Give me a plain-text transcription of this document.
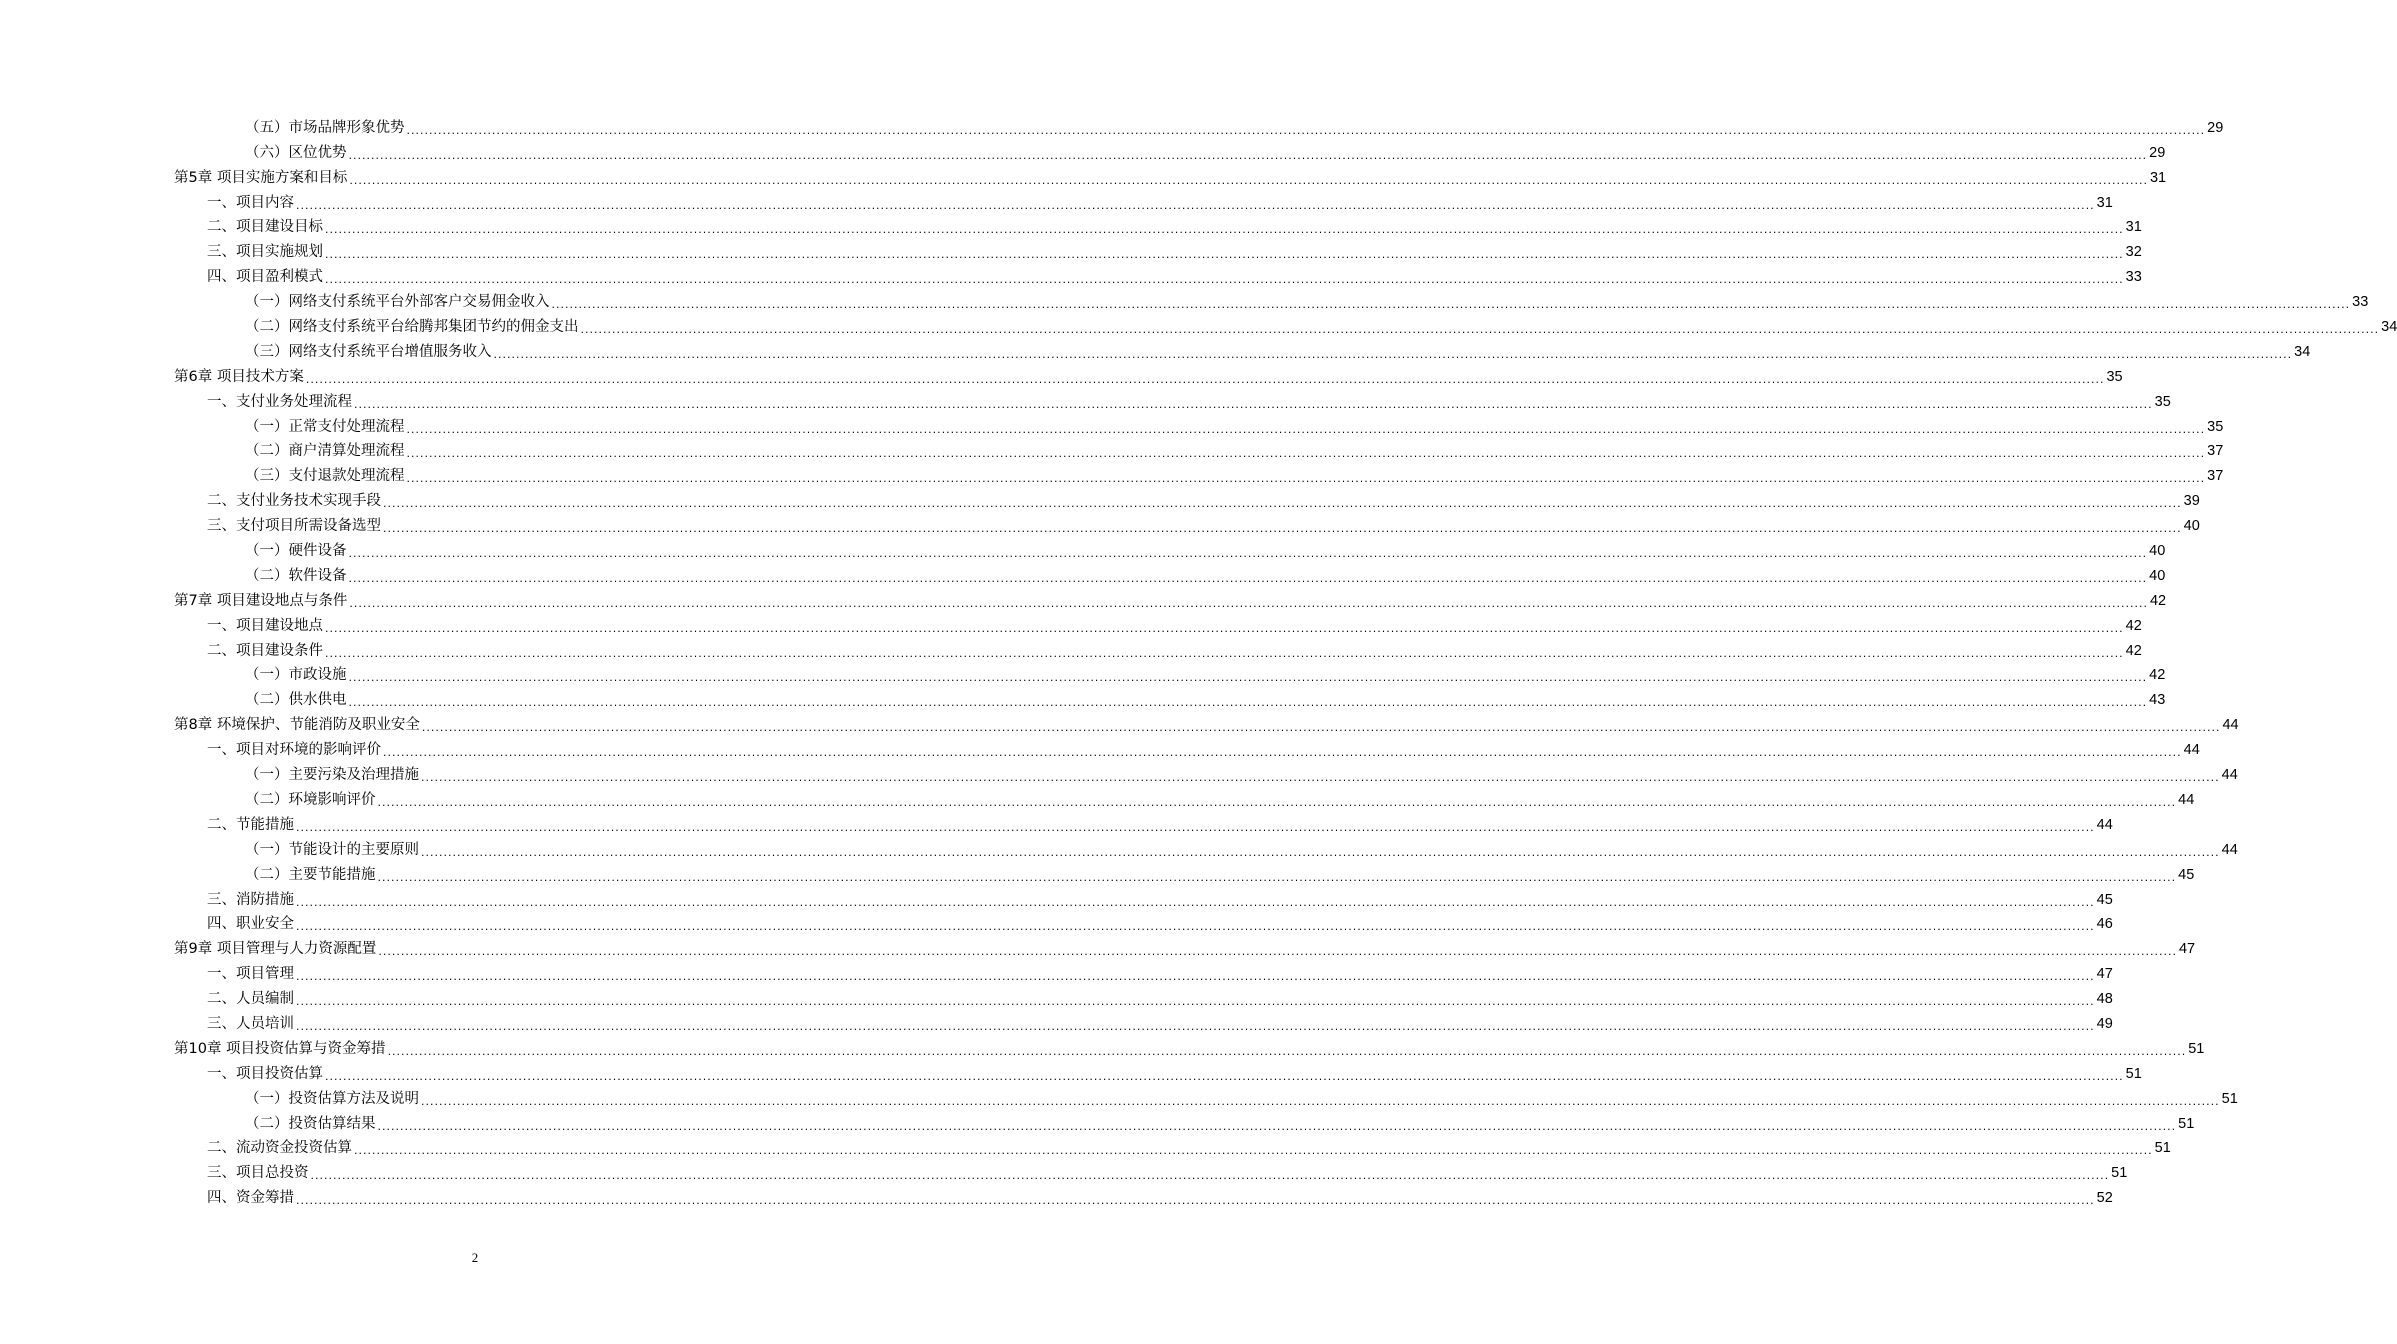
（五）市场品牌形象优势 ................................................................................................................................................................................................................................................................................................................................................................................................................ 29
（六）区位优势 ................................................................................................................................................................................................................................................................................................................................................................................................................ 29
第5章 项目实施方案和目标 ................................................................................................................................................................................................................................................................................................................................................................................................................ 31
一、项目内容 ................................................................................................................................................................................................................................................................................................................................................................................................................ 31
二、项目建设目标 ................................................................................................................................................................................................................................................................................................................................................................................................................ 31
三、项目实施规划 ................................................................................................................................................................................................................................................................................................................................................................................................................ 32
四、项目盈利模式 ................................................................................................................................................................................................................................................................................................................................................................................................................ 33
（一）网络支付系统平台外部客户交易佣金收入 ................................................................................................................................................................................................................................................................................................................................................................................................................ 33
（二）网络支付系统平台给腾邦集团节约的佣金支出 ................................................................................................................................................................................................................................................................................................................................................................................................................ 34
（三）网络支付系统平台增值服务收入 ................................................................................................................................................................................................................................................................................................................................................................................................................ 34
第6章 项目技术方案 ................................................................................................................................................................................................................................................................................................................................................................................................................ 35
一、支付业务处理流程 ................................................................................................................................................................................................................................................................................................................................................................................................................ 35
（一）正常支付处理流程 ................................................................................................................................................................................................................................................................................................................................................................................................................ 35
（二）商户清算处理流程 ................................................................................................................................................................................................................................................................................................................................................................................................................ 37
（三）支付退款处理流程 ................................................................................................................................................................................................................................................................................................................................................................................................................ 37
二、支付业务技术实现手段 ................................................................................................................................................................................................................................................................................................................................................................................................................ 39
三、支付项目所需设备选型 ................................................................................................................................................................................................................................................................................................................................................................................................................ 40
（一）硬件设备 ................................................................................................................................................................................................................................................................................................................................................................................................................ 40
（二）软件设备 ................................................................................................................................................................................................................................................................................................................................................................................................................ 40
第7章 项目建设地点与条件 ................................................................................................................................................................................................................................................................................................................................................................................................................ 42
一、项目建设地点 ................................................................................................................................................................................................................................................................................................................................................................................................................ 42
二、项目建设条件 ................................................................................................................................................................................................................................................................................................................................................................................................................ 42
（一）市政设施 ................................................................................................................................................................................................................................................................................................................................................................................................................ 42
（二）供水供电 ................................................................................................................................................................................................................................................................................................................................................................................................................ 43
第8章 环境保护、节能消防及职业安全 ................................................................................................................................................................................................................................................................................................................................................................................................................ 44
一、项目对环境的影响评价 ................................................................................................................................................................................................................................................................................................................................................................................................................ 44
（一）主要污染及治理措施 ................................................................................................................................................................................................................................................................................................................................................................................................................ 44
（二）环境影响评价 ................................................................................................................................................................................................................................................................................................................................................................................................................ 44
二、节能措施 ................................................................................................................................................................................................................................................................................................................................................................................................................ 44
（一）节能设计的主要原则 ................................................................................................................................................................................................................................................................................................................................................................................................................ 44
（二）主要节能措施 ................................................................................................................................................................................................................................................................................................................................................................................................................ 45
三、消防措施 ................................................................................................................................................................................................................................................................................................................................................................................................................ 45
四、职业安全 ................................................................................................................................................................................................................................................................................................................................................................................................................ 46
第9章 项目管理与人力资源配置 ................................................................................................................................................................................................................................................................................................................................................................................................................ 47
一、项目管理 ................................................................................................................................................................................................................................................................................................................................................................................................................ 47
二、人员编制 ................................................................................................................................................................................................................................................................................................................................................................................................................ 48
三、人员培训 ................................................................................................................................................................................................................................................................................................................................................................................................................ 49
第10章 项目投资估算与资金筹措 ................................................................................................................................................................................................................................................................................................................................................................................................................ 51
一、项目投资估算 ................................................................................................................................................................................................................................................................................................................................................................................................................ 51
（一）投资估算方法及说明 ................................................................................................................................................................................................................................................................................................................................................................................................................ 51
（二）投资估算结果 ................................................................................................................................................................................................................................................................................................................................................................................................................ 51
二、流动资金投资估算 ................................................................................................................................................................................................................................................................................................................................................................................................................ 51
三、项目总投资 ................................................................................................................................................................................................................................................................................................................................................................................................................ 51
四、资金筹措 ................................................................................................................................................................................................................................................................................................................................................................................................................ 52
2
